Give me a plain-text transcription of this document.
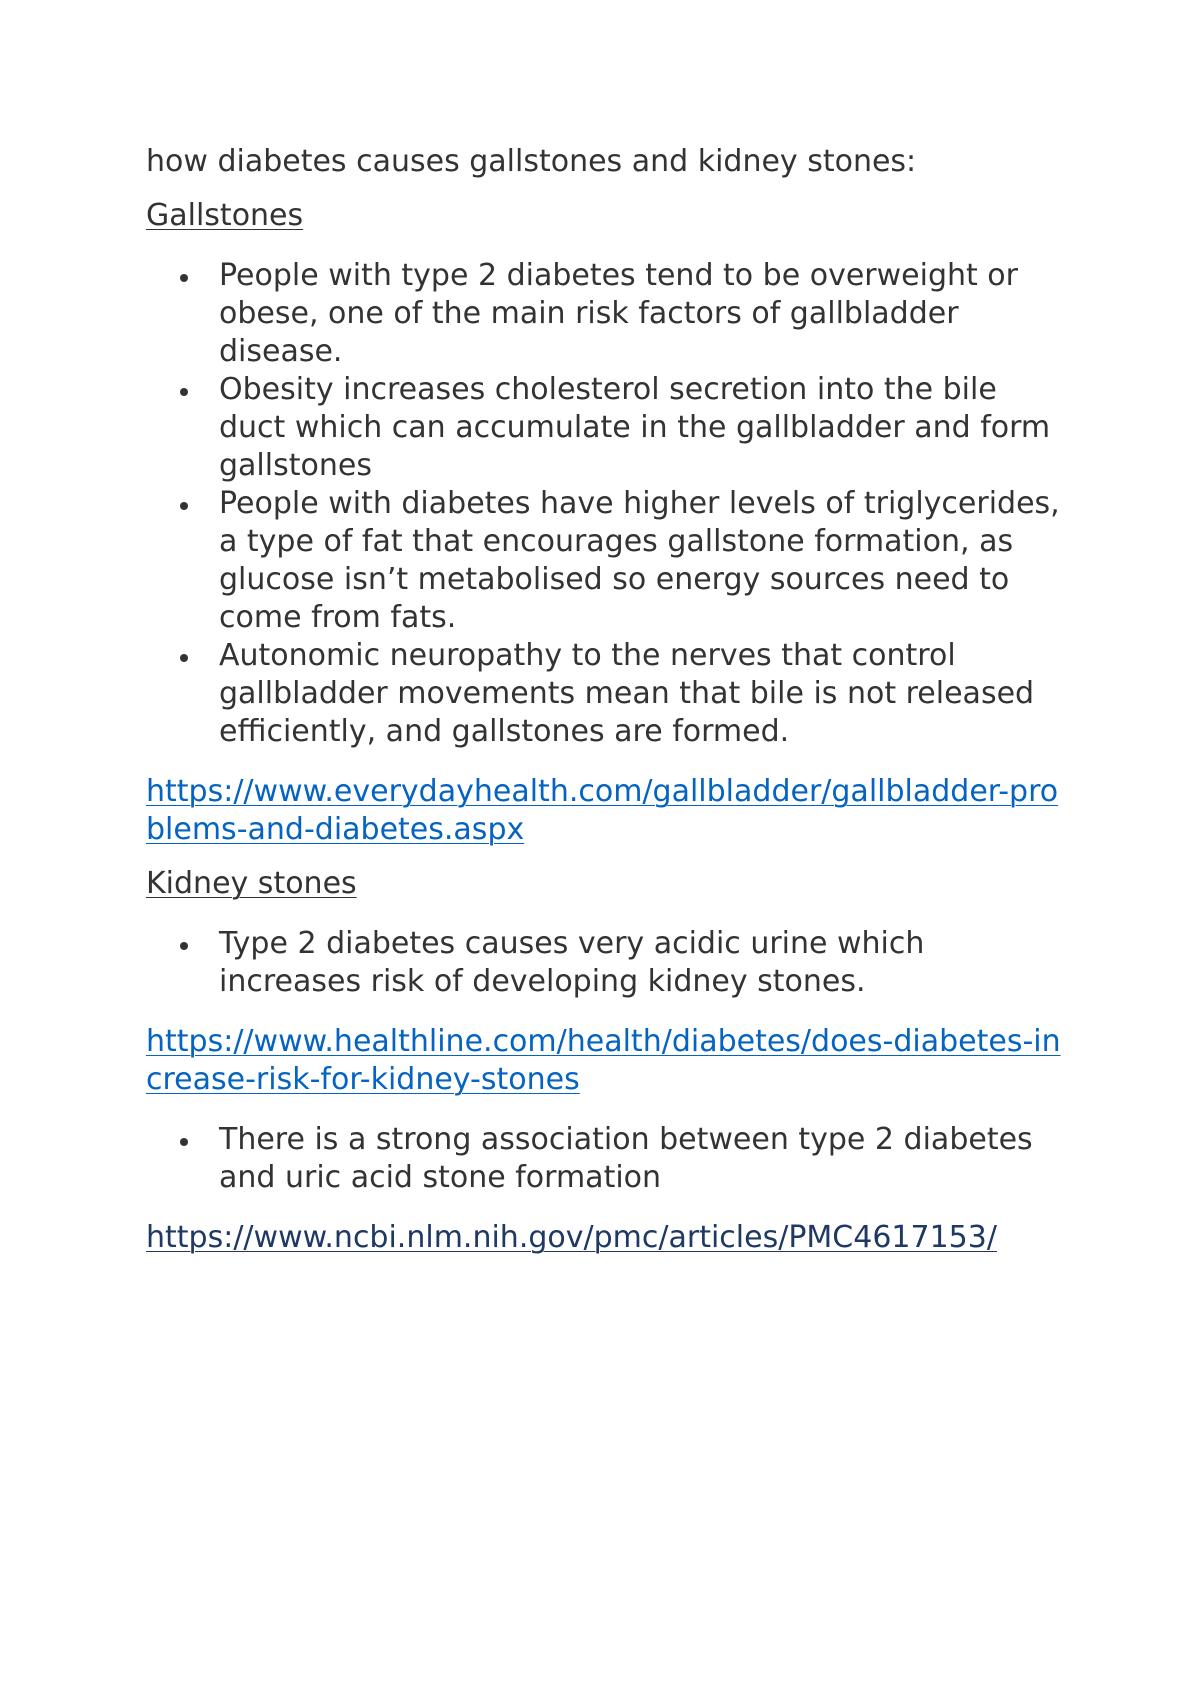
how diabetes causes gallstones and kidney stones:

Gallstones

People with type 2 diabetes tend to be overweight or obese, one of the main risk factors of gallbladder disease.
Obesity increases cholesterol secretion into the bile duct which can accumulate in the gallbladder and form gallstones
People with diabetes have higher levels of triglycerides, a type of fat that encourages gallstone formation, as glucose isn’t metabolised so energy sources need to come from fats.
Autonomic neuropathy to the nerves that control gallbladder movements mean that bile is not released efficiently, and gallstones are formed.
https://www.everydayhealth.com/gallbladder/gallbladder-problems-and-diabetes.aspx

Kidney stones

Type 2 diabetes causes very acidic urine which increases risk of developing kidney stones.
https://www.healthline.com/health/diabetes/does-diabetes-increase-risk-for-kidney-stones
There is a strong association between type 2 diabetes and uric acid stone formation
https://www.ncbi.nlm.nih.gov/pmc/articles/PMC4617153/
